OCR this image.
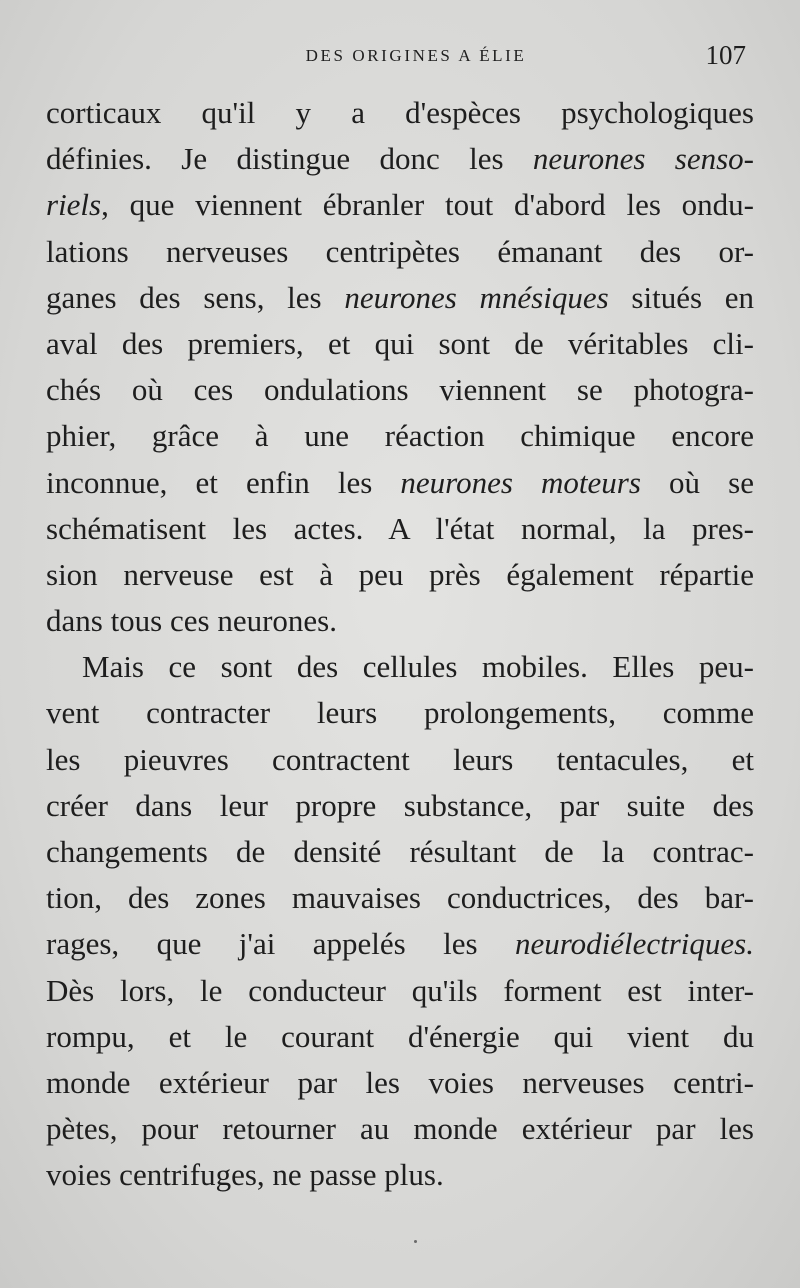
DES ORIGINES A ÉLIE	107
corticaux qu'il y a d'espèces psychologiques
définies. Je distingue donc les neurones senso-
riels, que viennent ébranler tout d'abord les ondu-
lations nerveuses centripètes émanant des or-
ganes des sens, les neurones mnésiques situés en
aval des premiers, et qui sont de véritables cli-
chés où ces ondulations viennent se photogra-
phier, grâce à une réaction chimique encore
inconnue, et enfin les neurones moteurs où se
schématisent les actes. A l'état normal, la pres-
sion nerveuse est à peu près également répartie
dans tous ces neurones.
Mais ce sont des cellules mobiles. Elles peu-
vent contracter leurs prolongements, comme
les pieuvres contractent leurs tentacules, et
créer dans leur propre substance, par suite des
changements de densité résultant de la contrac-
tion, des zones mauvaises conductrices, des bar-
rages, que j'ai appelés les neurodiélectriques.
Dès lors, le conducteur qu'ils forment est inter-
rompu, et le courant d'énergie qui vient du
monde extérieur par les voies nerveuses centri-
pètes, pour retourner au monde extérieur par les
voies centrifuges, ne passe plus.
